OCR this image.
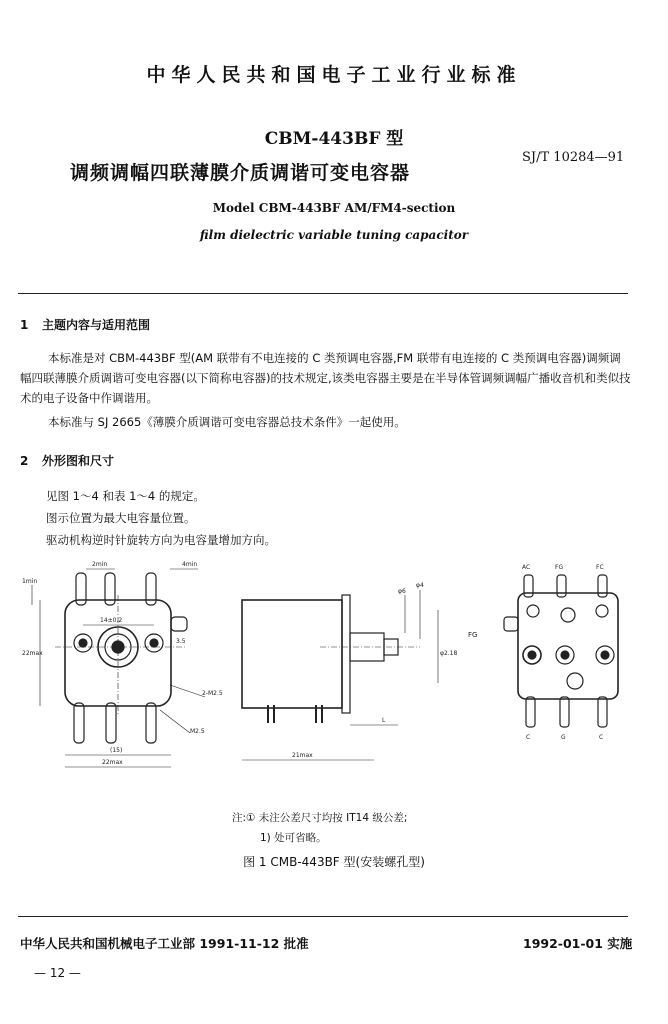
中华人民共和国电子工业行业标准
CBM-443BF 型
调频调幅四联薄膜介质调谐可变电容器
SJ/T 10284—91
Model CBM-443BF AM/FM4-section
film dielectric variable tuning capacitor
1 主题内容与适用范围
本标准是对 CBM-443BF 型(AM 联带有不电连接的 C 类预调电容器,FM 联带有电连接的 C 类预调电容器)调频调幅四联薄膜介质调谐可变电容器(以下简称电容器)的技术规定,该类电容器主要是在半导体管调频调幅广播收音机和类似技术的电子设备中作调谐用。
本标准与 SJ 2665《薄膜介质调谐可变电容器总技术条件》一起使用。
2 外形图和尺寸
见图 1～4 和表 1～4 的规定。
图示位置为最大电容量位置。
驱动机构逆时针旋转方向为电容量增加方向。
2min	4min
1min
14±0.2
3.5
22max
2-M2.5
M2.5
(15)
22max
21max
L
φ6
φ4
φ2.18
FG
AC	FG	FC
C	G	C
注:① 未注公差尺寸均按 IT14 级公差;
1) 处可省略。
图 1 CMB-443BF 型(安装螺孔型)
中华人民共和国机械电子工业部 1991-11-12 批准	1992-01-01 实施
— 12 —
